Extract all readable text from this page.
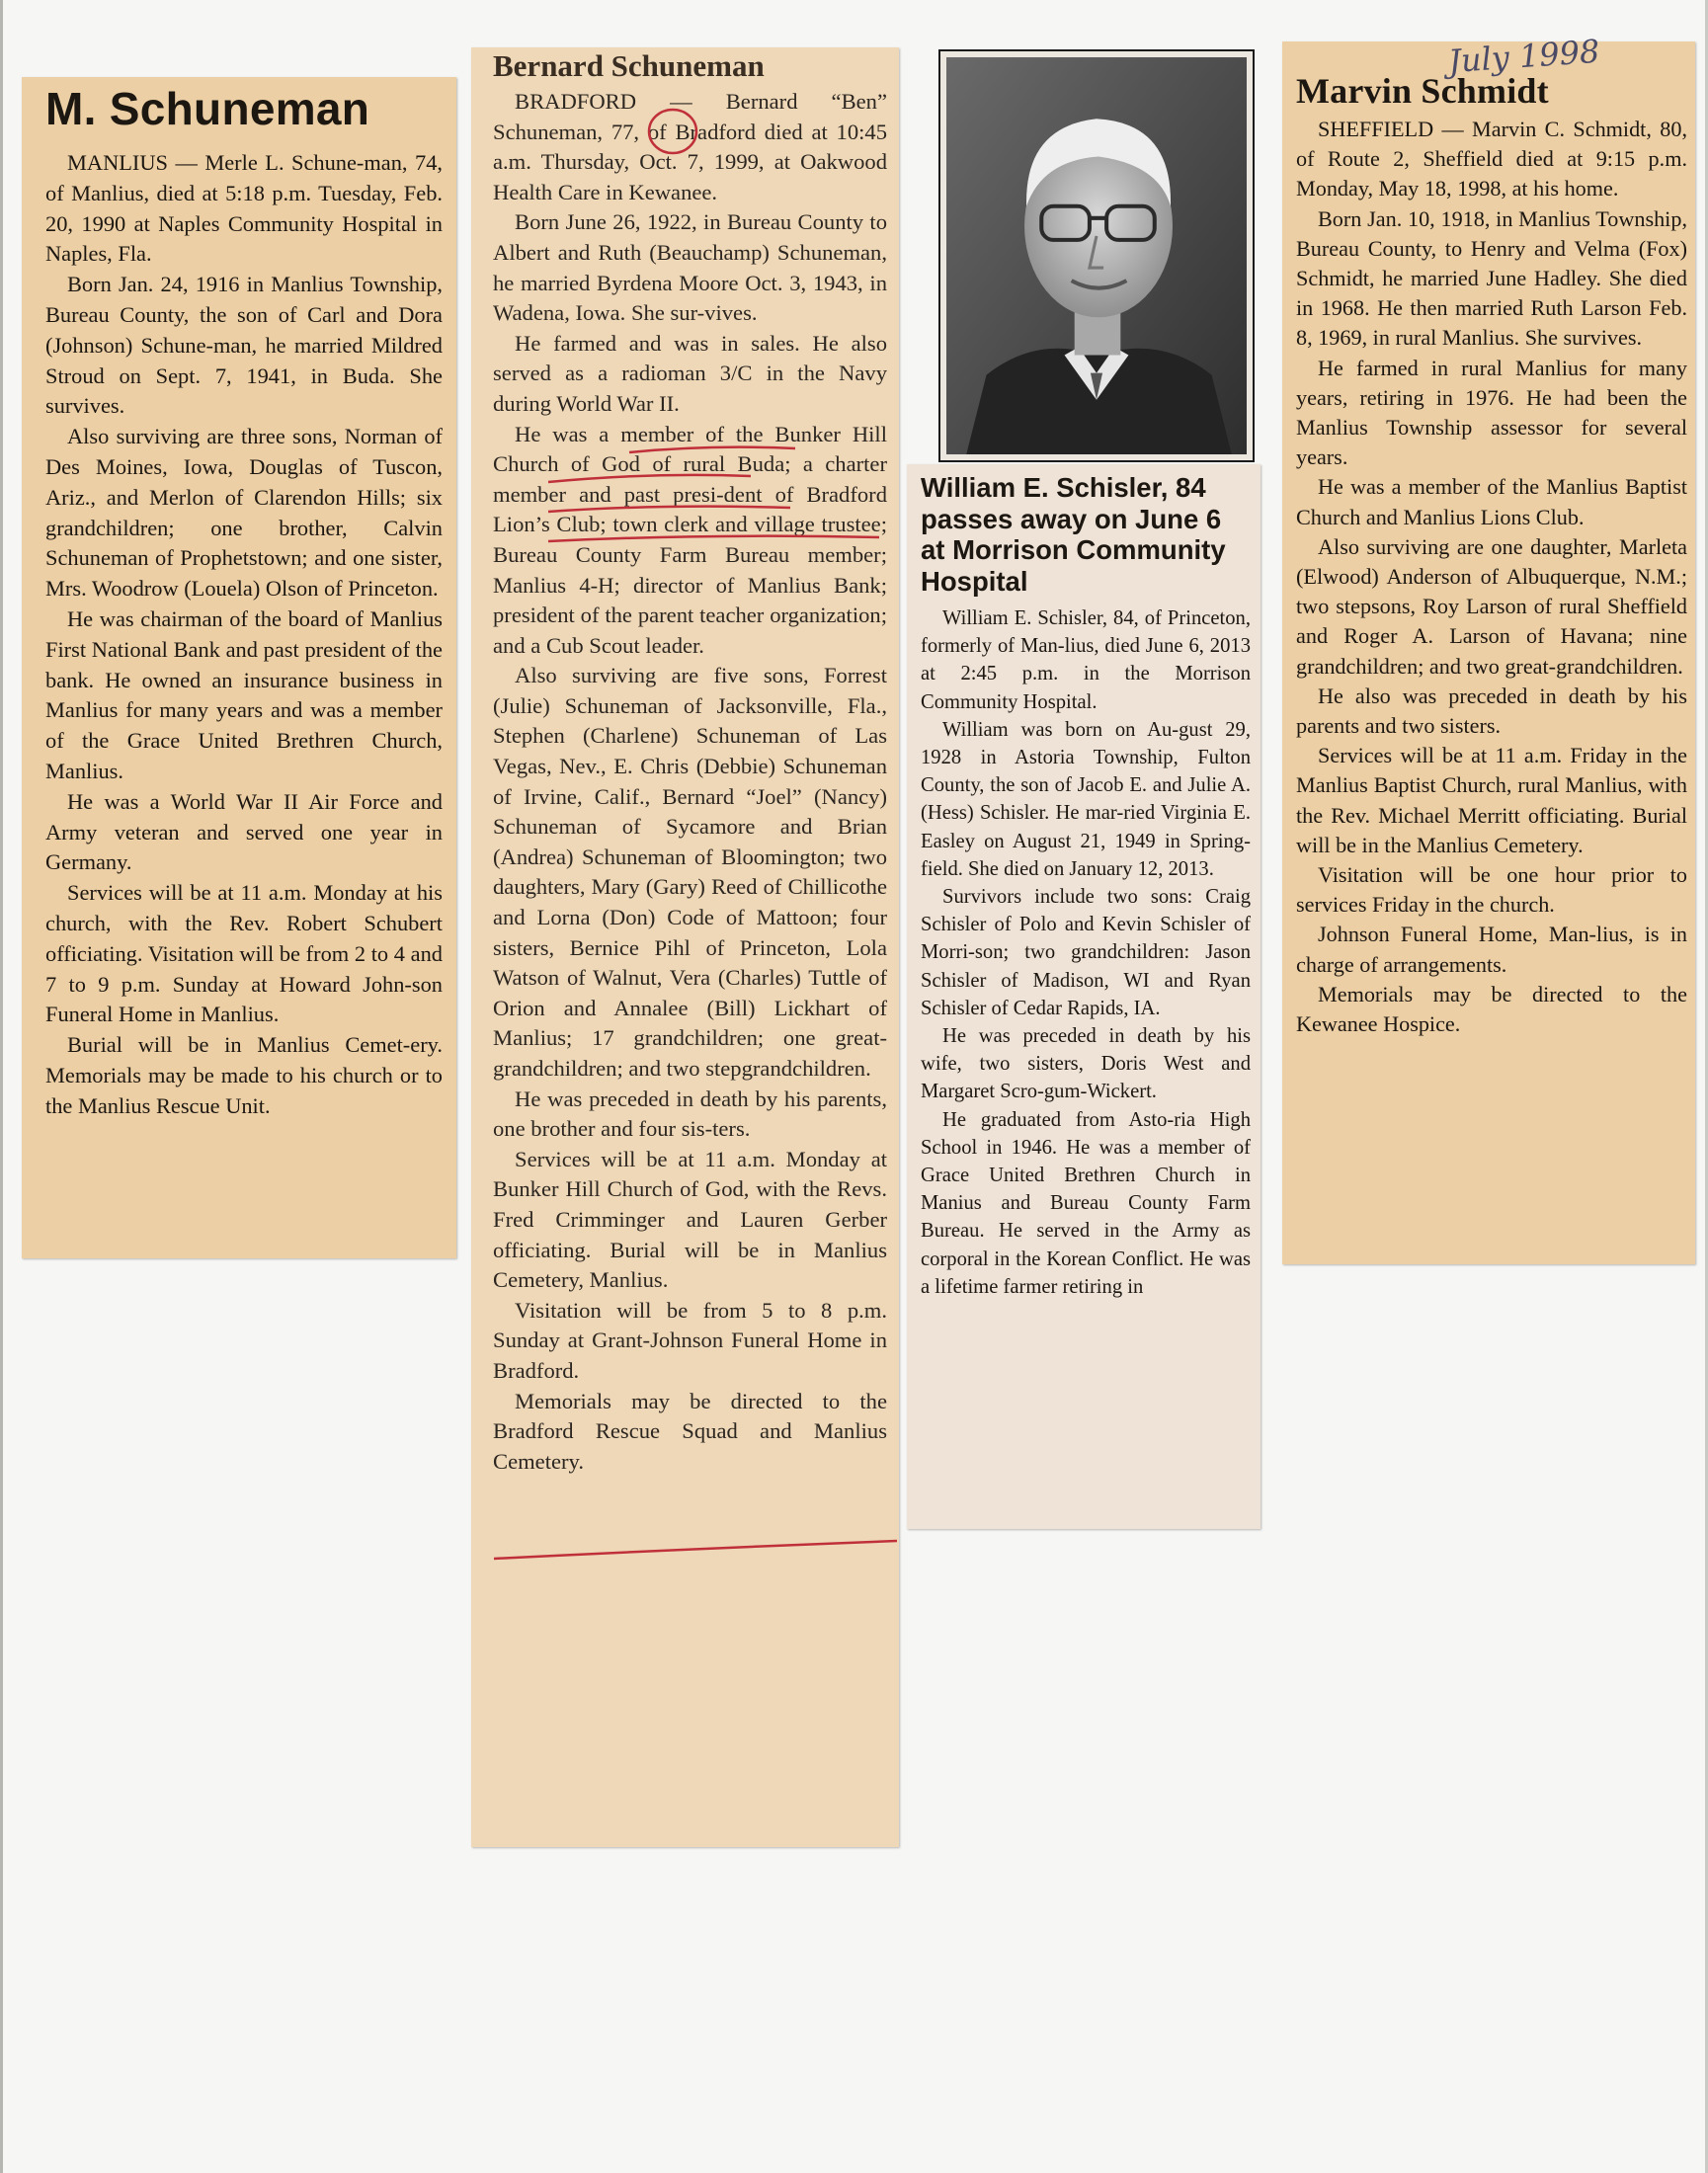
M. Schuneman

MANLIUS — Merle L. Schune-man, 74, of Manlius, died at 5:18 p.m. Tuesday, Feb. 20, 1990 at Naples Community Hospital in Naples, Fla.

Born Jan. 24, 1916 in Manlius Township, Bureau County, the son of Carl and Dora (Johnson) Schune-man, he married Mildred Stroud on Sept. 7, 1941, in Buda. She survives.

Also surviving are three sons, Norman of Des Moines, Iowa, Douglas of Tuscon, Ariz., and Merlon of Clarendon Hills; six grandchildren; one brother, Calvin Schuneman of Prophetstown; and one sister, Mrs. Woodrow (Louela) Olson of Princeton.

He was chairman of the board of Manlius First National Bank and past president of the bank. He owned an insurance business in Manlius for many years and was a member of the Grace United Brethren Church, Manlius.

He was a World War II Air Force and Army veteran and served one year in Germany.

Services will be at 11 a.m. Monday at his church, with the Rev. Robert Schubert officiating. Visitation will be from 2 to 4 and 7 to 9 p.m. Sunday at Howard John-son Funeral Home in Manlius.

Burial will be in Manlius Cemet-ery. Memorials may be made to his church or to the Manlius Rescue Unit.

Bernard Schuneman

BRADFORD — Bernard “Ben” Schuneman, 77, of Bradford died at 10:45 a.m. Thursday, Oct. 7, 1999, at Oakwood Health Care in Kewanee.

Born June 26, 1922, in Bureau County to Albert and Ruth (Beauchamp) Schuneman, he married Byrdena Moore Oct. 3, 1943, in Wadena, Iowa. She sur-vives.

He farmed and was in sales. He also served as a radioman 3/C in the Navy during World War II.

He was a member of the Bunker Hill Church of God of rural Buda; a charter member and past presi-dent of Bradford Lion’s Club; town clerk and village trustee; Bureau County Farm Bureau member; Manlius 4-H; director of Manlius Bank; president of the parent teacher organization; and a Cub Scout leader.

Also surviving are five sons, Forrest (Julie) Schuneman of Jacksonville, Fla., Stephen (Charlene) Schuneman of Las Vegas, Nev., E. Chris (Debbie) Schuneman of Irvine, Calif., Bernard “Joel” (Nancy) Schuneman of Sycamore and Brian (Andrea) Schuneman of Bloomington; two daughters, Mary (Gary) Reed of Chillicothe and Lorna (Don) Code of Mattoon; four sisters, Bernice Pihl of Princeton, Lola Watson of Walnut, Vera (Charles) Tuttle of Orion and Annalee (Bill) Lickhart of Manlius; 17 grandchildren; one great-grandchildren; and two stepgrandchildren.

He was preceded in death by his parents, one brother and four sis-ters.

Services will be at 11 a.m. Monday at Bunker Hill Church of God, with the Revs. Fred Crimminger and Lauren Gerber officiating. Burial will be in Manlius Cemetery, Manlius.

Visitation will be from 5 to 8 p.m. Sunday at Grant-Johnson Funeral Home in Bradford.

Memorials may be directed to the Bradford Rescue Squad and Manlius Cemetery.

William E. Schisler, 84 passes away on June 6 at Morrison Community Hospital

William E. Schisler, 84, of Princeton, formerly of Man-lius, died June 6, 2013 at 2:45 p.m. in the Morrison Community Hospital.

William was born on Au-gust 29, 1928 in Astoria Township, Fulton County, the son of Jacob E. and Julie A. (Hess) Schisler. He mar-ried Virginia E. Easley on August 21, 1949 in Spring-field. She died on January 12, 2013.

Survivors include two sons: Craig Schisler of Polo and Kevin Schisler of Morri-son; two grandchildren: Jason Schisler of Madison, WI and Ryan Schisler of Cedar Rapids, IA.

He was preceded in death by his wife, two sisters, Doris West and Margaret Scro-gum-Wickert.

He graduated from Asto-ria High School in 1946. He was a member of Grace United Brethren Church in Manius and Bureau County Farm Bureau. He served in the Army as corporal in the Korean Conflict. He was a lifetime farmer retiring in

Marvin Schmidt

SHEFFIELD — Marvin C. Schmidt, 80, of Route 2, Sheffield died at 9:15 p.m. Monday, May 18, 1998, at his home.

Born Jan. 10, 1918, in Manlius Township, Bureau County, to Henry and Velma (Fox) Schmidt, he married June Hadley. She died in 1968. He then married Ruth Larson Feb. 8, 1969, in rural Manlius. She survives.

He farmed in rural Manlius for many years, retiring in 1976. He had been the Manlius Township assessor for several years.

He was a member of the Manlius Baptist Church and Manlius Lions Club.

Also surviving are one daughter, Marleta (Elwood) Anderson of Albuquerque, N.M.; two stepsons, Roy Larson of rural Sheffield and Roger A. Larson of Havana; nine grandchildren; and two great-grandchildren.

He also was preceded in death by his parents and two sisters.

Services will be at 11 a.m. Friday in the Manlius Baptist Church, rural Manlius, with the Rev. Michael Merritt officiating. Burial will be in the Manlius Cemetery.

Visitation will be one hour prior to services Friday in the church.

Johnson Funeral Home, Man-lius, is in charge of arrangements.

Memorials may be directed to the Kewanee Hospice.

July 1998
